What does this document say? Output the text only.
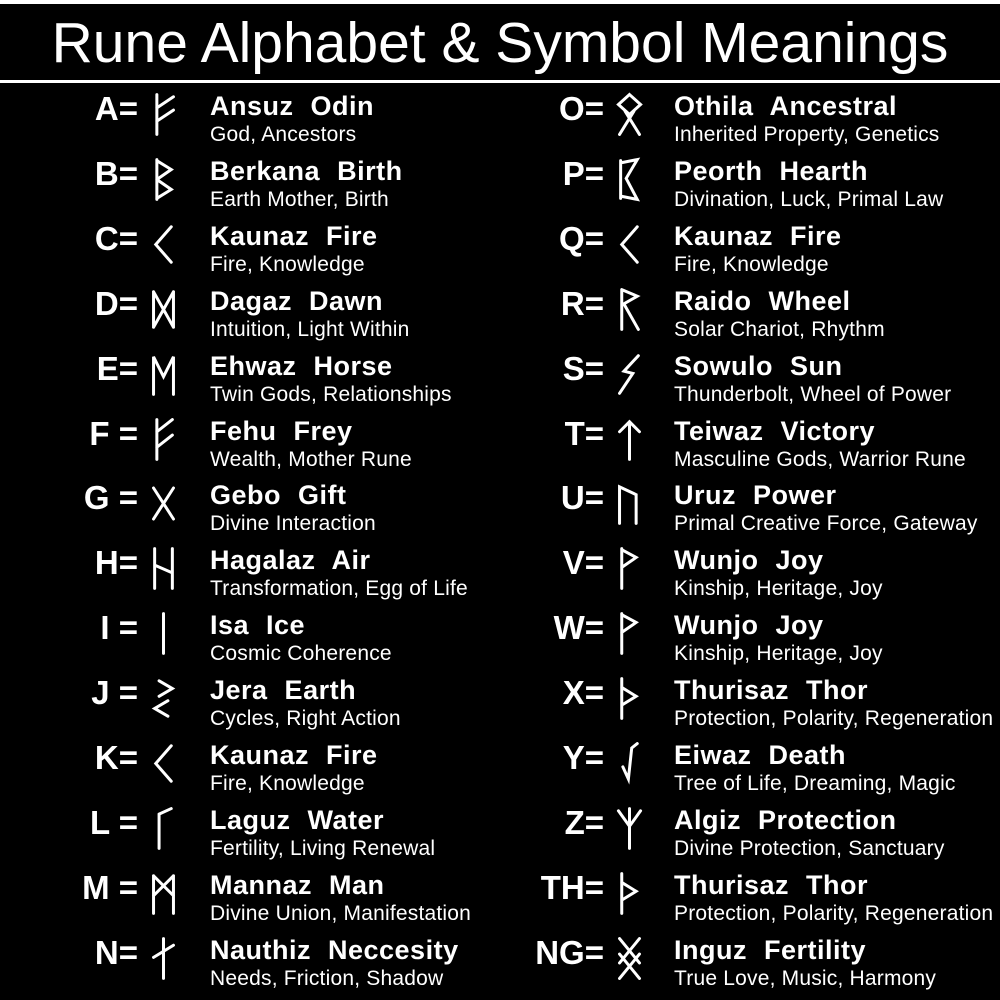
Rune Alphabet & Symbol Meanings
A=	Ansuz Odin
God, Ancestors
B=	Berkana Birth
Earth Mother, Birth
C=	Kaunaz Fire
Fire, Knowledge
D=	Dagaz Dawn
Intuition, Light Within
E=	Ehwaz Horse
Twin Gods, Relationships
F =	Fehu Frey
Wealth, Mother Rune
G =	Gebo Gift
Divine Interaction
H=	Hagalaz Air
Transformation, Egg of Life
I =	Isa Ice
Cosmic Coherence
J =	Jera Earth
Cycles, Right Action
K=	Kaunaz Fire
Fire, Knowledge
L =	Laguz Water
Fertility, Living Renewal
M =	Mannaz Man
Divine Union, Manifestation
N=	Nauthiz Neccesity
Needs, Friction, Shadow
O=	Othila Ancestral
Inherited Property, Genetics
P=	Peorth Hearth
Divination, Luck, Primal Law
Q=	Kaunaz Fire
Fire, Knowledge
R=	Raido Wheel
Solar Chariot, Rhythm
S=	Sowulo Sun
Thunderbolt, Wheel of Power
T=	Teiwaz Victory
Masculine Gods, Warrior Rune
U=	Uruz Power
Primal Creative Force, Gateway
V=	Wunjo Joy
Kinship, Heritage, Joy
W=	Wunjo Joy
Kinship, Heritage, Joy
X=	Thurisaz Thor
Protection, Polarity, Regeneration
Y=	Eiwaz Death
Tree of Life, Dreaming, Magic
Z=	Algiz Protection
Divine Protection, Sanctuary
TH=	Thurisaz Thor
Protection, Polarity, Regeneration
NG=	Inguz Fertility
True Love, Music, Harmony
